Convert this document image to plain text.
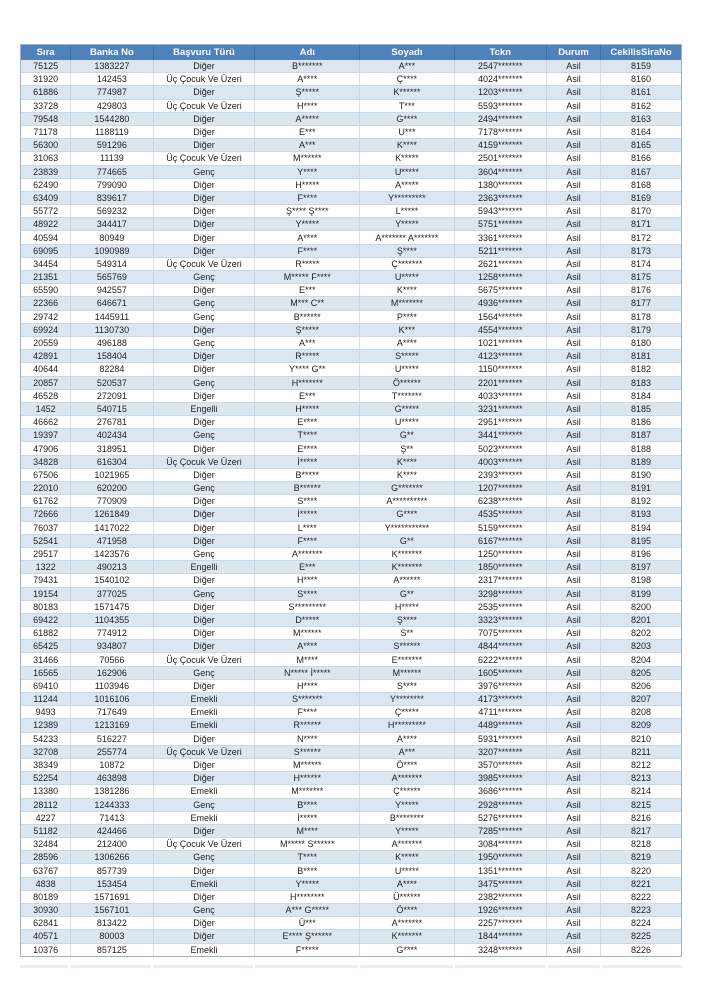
Sıra	Banka No	Başvuru Türü	Adı	Soyadı	Tckn	Durum	CekilisSiraNo
75125	1383227	Diğer	B*******	A***	2547*******	Asil	8159
31920	142453	Üç Çocuk Ve Üzeri	A****	Ç****	4024*******	Asil	8160
61886	774987	Diğer	Ş*****	K******	1203*******	Asil	8161
33728	429803	Üç Çocuk Ve Üzeri	H****	T***	5593*******	Asil	8162
79548	1544280	Diğer	A*****	G****	2494*******	Asil	8163
71178	1188119	Diğer	E***	U***	7178*******	Asil	8164
56300	591296	Diğer	A***	K****	4159*******	Asil	8165
31063	11139	Üç Çocuk Ve Üzeri	M******	K*****	2501*******	Asil	8166
23839	774665	Genç	Y****	U*****	3604*******	Asil	8167
62490	799090	Diğer	H*****	A*****	1380*******	Asil	8168
63409	839617	Diğer	F****	Y*********	2363*******	Asil	8169
55772	569232	Diğer	Ş**** Ş****	L*****	5943*******	Asil	8170
48922	344417	Diğer	Y*****	Y*****	5751*******	Asil	8171
40594	80949	Diğer	A****	A******* A*******	3361*******	Asil	8172
69095	1090989	Diğer	F****	Ş****	5211*******	Asil	8173
34454	549314	Üç Çocuk Ve Üzeri	R*****	Ç*******	2621*******	Asil	8174
21351	565769	Genç	M***** F****	U*****	1258*******	Asil	8175
65590	942557	Diğer	E***	K****	5675*******	Asil	8176
22366	646671	Genç	M*** C**	M*******	4936*******	Asil	8177
29742	1445911	Genç	B******	P****	1564*******	Asil	8178
69924	1130730	Diğer	Ş*****	K***	4554*******	Asil	8179
20559	496188	Genç	A***	A****	1021*******	Asil	8180
42891	158404	Diğer	R*****	S*****	4123*******	Asil	8181
40644	82284	Diğer	Y**** G**	U*****	1150*******	Asil	8182
20857	520537	Genç	H*******	Ö******	2201*******	Asil	8183
46528	272091	Diğer	E***	T*******	4033*******	Asil	8184
1452	540715	Engelli	H*****	G*****	3231*******	Asil	8185
46662	276781	Diğer	E****	U*****	2951*******	Asil	8186
19397	402434	Genç	T****	G**	3441*******	Asil	8187
47906	318951	Diğer	E****	Ş**	5023*******	Asil	8188
34828	616304	Üç Çocuk Ve Üzeri	İ*****	K****	4003*******	Asil	8189
67506	1021965	Diğer	B*****	K****	2393*******	Asil	8190
22010	620200	Genç	B******	G*******	1207*******	Asil	8191
61762	770909	Diğer	S****	A**********	6238*******	Asil	8192
72666	1261849	Diğer	İ*****	G****	4535*******	Asil	8193
76037	1417022	Diğer	L****	Y***********	5159*******	Asil	8194
52541	471958	Diğer	F****	G**	6167*******	Asil	8195
29517	1423576	Genç	A*******	K*******	1250*******	Asil	8196
1322	490213	Engelli	E***	K*******	1850*******	Asil	8197
79431	1540102	Diğer	H****	A******	2317*******	Asil	8198
19154	377025	Genç	S****	G**	3298*******	Asil	8199
80183	1571475	Diğer	S*********	H*****	2535*******	Asil	8200
69422	1104355	Diğer	D*****	Ş****	3323*******	Asil	8201
61882	774912	Diğer	M******	S**	7075*******	Asil	8202
65425	934807	Diğer	A****	S******	4844*******	Asil	8203
31466	70566	Üç Çocuk Ve Üzeri	M****	E*******	6222*******	Asil	8204
16565	162906	Genç	N***** İ*****	M******	1605*******	Asil	8205
69410	1103946	Diğer	H****	S****	3976*******	Asil	8206
11244	1016106	Emekli	S*******	Y********	4173*******	Asil	8207
9493	717649	Emekli	F****	Ç*****	4711*******	Asil	8208
12389	1213169	Emekli	R******	H*********	4489*******	Asil	8209
54233	516227	Diğer	N****	A****	5931*******	Asil	8210
32708	255774	Üç Çocuk Ve Üzeri	S******	A***	3207*******	Asil	8211
38349	10872	Diğer	M******	Ö****	3570*******	Asil	8212
52254	463898	Diğer	H******	A*******	3985*******	Asil	8213
13380	1381286	Emekli	M*******	Ç******	3686*******	Asil	8214
28112	1244333	Genç	B****	Y*****	2928*******	Asil	8215
4227	71413	Emekli	İ*****	B********	5276*******	Asil	8216
51182	424466	Diğer	M****	Y*****	7285*******	Asil	8217
32484	212400	Üç Çocuk Ve Üzeri	M***** S******	A*******	3084*******	Asil	8218
28596	1306266	Genç	T****	K*****	1950*******	Asil	8219
63767	857739	Diğer	B****	U*****	1351*******	Asil	8220
4838	153454	Emekli	Y*****	A****	3475*******	Asil	8221
80189	1571691	Diğer	H********	Ü******	2382*******	Asil	8222
30930	1567101	Genç	A*** G*****	Ö****	1926*******	Asil	8223
62841	813422	Diğer	Ü***	A*******	2257*******	Asil	8224
40571	80003	Diğer	E**** Ş******	K*******	1844*******	Asil	8225
10376	857125	Emekli	F*****	G****	3248*******	Asil	8226
